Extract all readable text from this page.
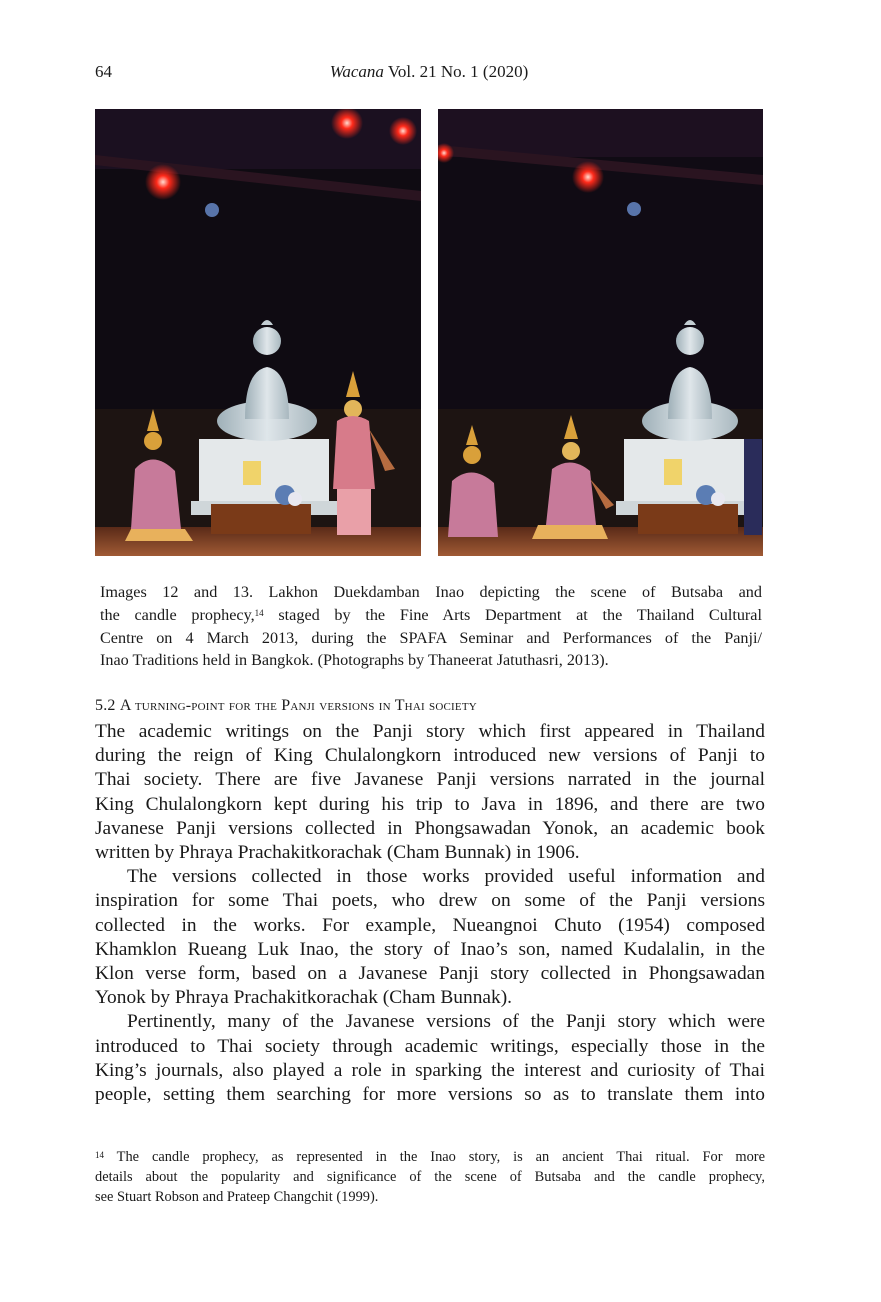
64	Wacana Vol. 21 No. 1 (2020)

Images 12 and 13. Lakhon Duekdamban Inao depicting the scene of Butsaba and
the candle prophecy,$^{14}$ staged by the Fine Arts Department at the Thailand Cultural
Centre on 4 March 2013, during the SPAFA Seminar and Performances of the Panji/
Inao Traditions held in Bangkok. (Photographs by Thaneerat Jatuthasri, 2013).

5.2 A turning-point for the Panji versions in Thai society

The academic writings on the Panji story which first appeared in Thailand
during the reign of King Chulalongkorn introduced new versions of Panji to
Thai society. There are five Javanese Panji versions narrated in the journal
King Chulalongkorn kept during his trip to Java in 1896, and there are two
Javanese Panji versions collected in Phongsawadan Yonok, an academic book
written by Phraya Prachakitkorachak (Cham Bunnak) in 1906.

The versions collected in those works provided useful information and
inspiration for some Thai poets, who drew on some of the Panji versions
collected in the works. For example, Nueangnoi Chuto (1954) composed
Khamklon Rueang Luk Inao, the story of Inao’s son, named Kudalalin, in the
Klon verse form, based on a Javanese Panji story collected in Phongsawadan
Yonok by Phraya Prachakitkorachak (Cham Bunnak).

Pertinently, many of the Javanese versions of the Panji story which were
introduced to Thai society through academic writings, especially those in the
King’s journals, also played a role in sparking the interest and curiosity of Thai
people, setting them searching for more versions so as to translate them into

$^{14}$ The candle prophecy, as represented in the Inao story, is an ancient Thai ritual. For more
details about the popularity and significance of the scene of Butsaba and the candle prophecy,
see Stuart Robson and Prateep Changchit (1999).
